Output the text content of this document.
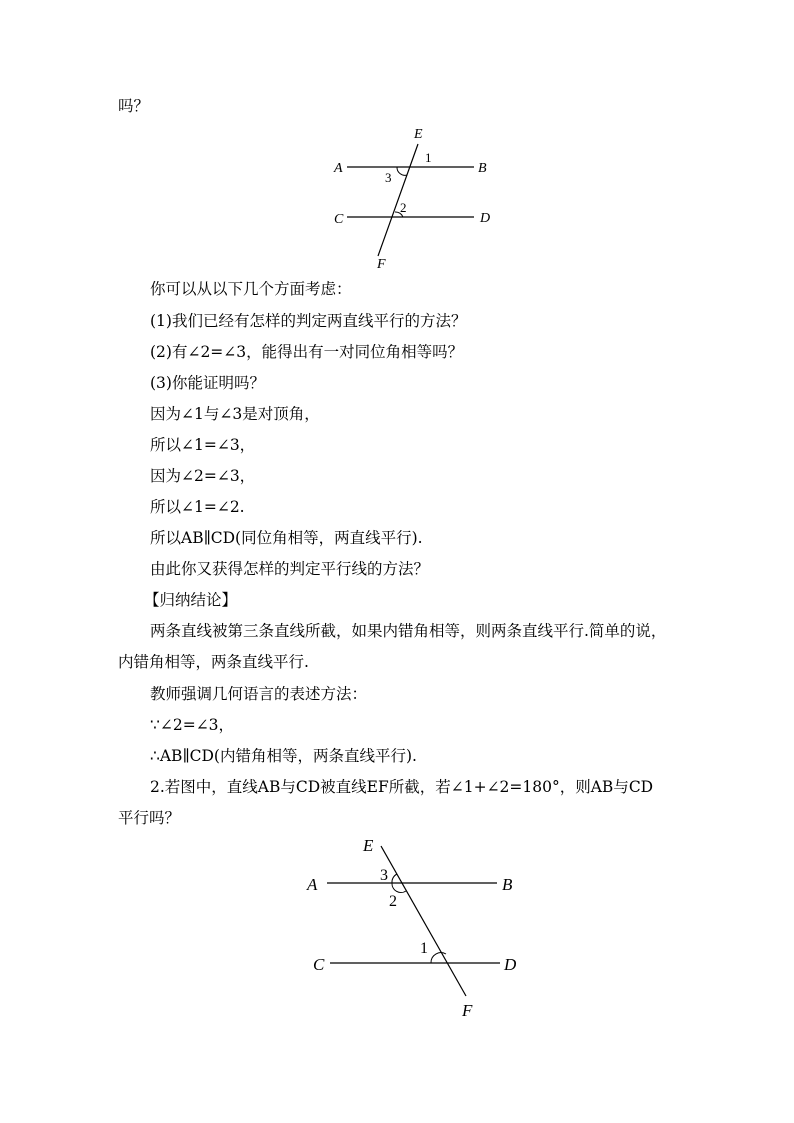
吗？
E
A	B
C	D
F
1
3
2
你可以从以下几个方面考虑：
(1)我们已经有怎样的判定两直线平行的方法？
(2)有∠2=∠3，能得出有一对同位角相等吗？
(3)你能证明吗？
因为∠1与∠3是对顶角，
所以∠1=∠3，
因为∠2=∠3，
所以∠1=∠2.
所以AB∥CD(同位角相等，两直线平行).
由此你又获得怎样的判定平行线的方法？
【归纳结论】
两条直线被第三条直线所截，如果内错角相等，则两条直线平行.简单的说，
内错角相等，两条直线平行.
教师强调几何语言的表述方法：
∵∠2=∠3，
∴AB∥CD(内错角相等，两条直线平行).
2.若图中，直线AB与CD被直线EF所截，若∠1+∠2=180°，则AB与CD
平行吗？
E
A	B
C	D
F
3
2
1
